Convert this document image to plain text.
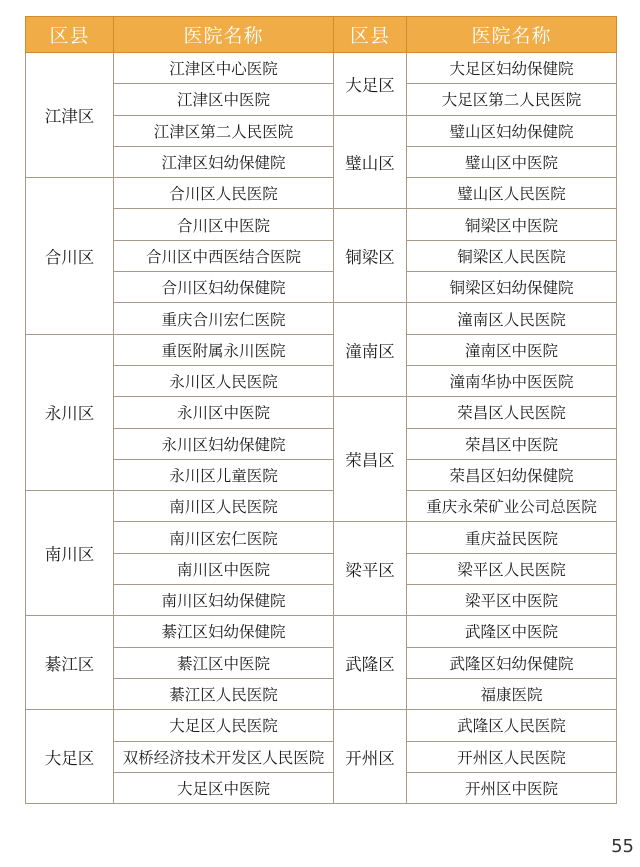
区县	医院名称	区县	医院名称
江津区	江津区中心医院	大足区	大足区妇幼保健院
	江津区中医院		大足区第二人民医院
	江津区第二人民医院	璧山区	璧山区妇幼保健院
	江津区妇幼保健院		璧山区中医院
合川区	合川区人民医院		璧山区人民医院
	合川区中医院	铜梁区	铜梁区中医院
	合川区中西医结合医院		铜梁区人民医院
	合川区妇幼保健院		铜梁区妇幼保健院
	重庆合川宏仁医院	潼南区	潼南区人民医院
永川区	重医附属永川医院		潼南区中医院
	永川区人民医院		潼南华协中医医院
	永川区中医院	荣昌区	荣昌区人民医院
	永川区妇幼保健院		荣昌区中医院
	永川区儿童医院		荣昌区妇幼保健院
南川区	南川区人民医院		重庆永荣矿业公司总医院
	南川区宏仁医院	梁平区	重庆益民医院
	南川区中医院		梁平区人民医院
	南川区妇幼保健院		梁平区中医院
綦江区	綦江区妇幼保健院	武隆区	武隆区中医院
	綦江区中医院		武隆区妇幼保健院
	綦江区人民医院		福康医院
大足区	大足区人民医院	开州区	武隆区人民医院
	双桥经济技术开发区人民医院		开州区人民医院
	大足区中医院		开州区中医院
55
